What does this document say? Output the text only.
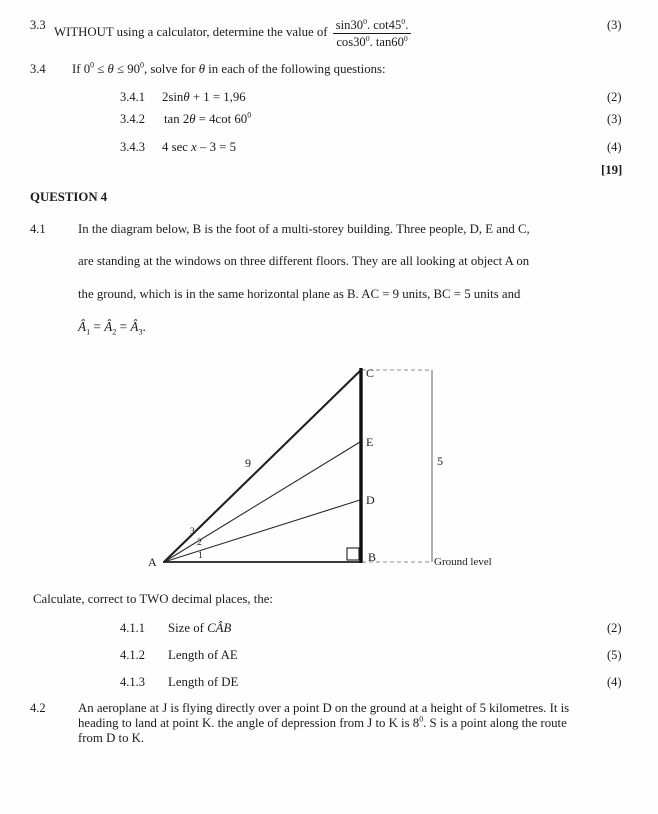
3.3 WITHOUT using a calculator, determine the value of $\frac{\sin 30^0. \cot 45^0.}{\cos 30^0. \tan 60^0}$	(3)
3.4 If $0^0 \le \theta \le 90^0$, solve for θ in each of the following questions:
3.4.1 2sinθ + 1 = 1,96	(2)
3.4.2 tan 2θ = 4cot $60^0$	(3)
3.4.3 4 sec x – 3 = 5	(4)
[19]
QUESTION 4
4.1	In the diagram below, B is the foot of a multi-storey building. Three people, D, E and C,
are standing at the windows on three different floors. They are all looking at object A on
the ground, which is in the same horizontal plane as B. AC = 9 units, BC = 5 units and
$Â_1$ = $Â_2$ = $Â_3$.
C
E
D
B
A
9	5
3
2
1	Ground level
Calculate, correct to TWO decimal places, the:
4.1.1 Size of CÂB	(2)
4.1.2 Length of AE	(5)
4.1.3 Length of DE	(4)
4.2	An aeroplane at J is flying directly over a point D on the ground at a height of 5 kilometres. It is
heading to land at point K. the angle of depression from J to K is $8^0$. S is a point along the route
from D to K.
